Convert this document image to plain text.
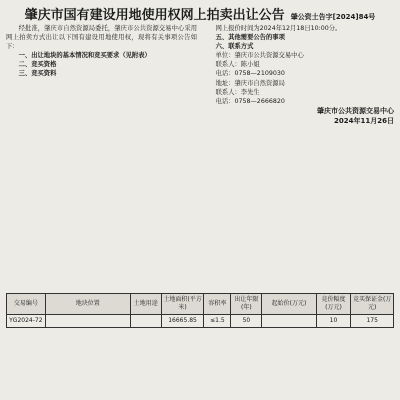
肇庆市国有建设用地使用权网上拍卖出让公告 肇公资土告字[2024]84号

经批准，肇庆市自然资源局委托，肇庆市公共资源交易中心采用网上拍卖方式出让以下国有建设用地使用权，现将有关事项公告如下：

一、出让地块的基本情况和竞买要求（见附表）

二、竞买资格

三、竞买资料

网上报价时间为2024年12月18日10:00分。

五、其他需要公告的事项

六、联系方式

单位：肇庆市公共资源交易中心

联系人：陈小姐

电话：0758—2109030

地址：肇庆市自然资源局

联系人：李先生

电话：0758—2666820

肇庆市公共资源交易中心

2024年11月26日

交易编号	地块位置	土地用途	土地面积(平方米)	容积率	出让年限(年)	起始价(万元)	竞价幅度(万元)	竞买保证金(万元)
YG2024-72			16665.85	≤1.5	50		10	175
